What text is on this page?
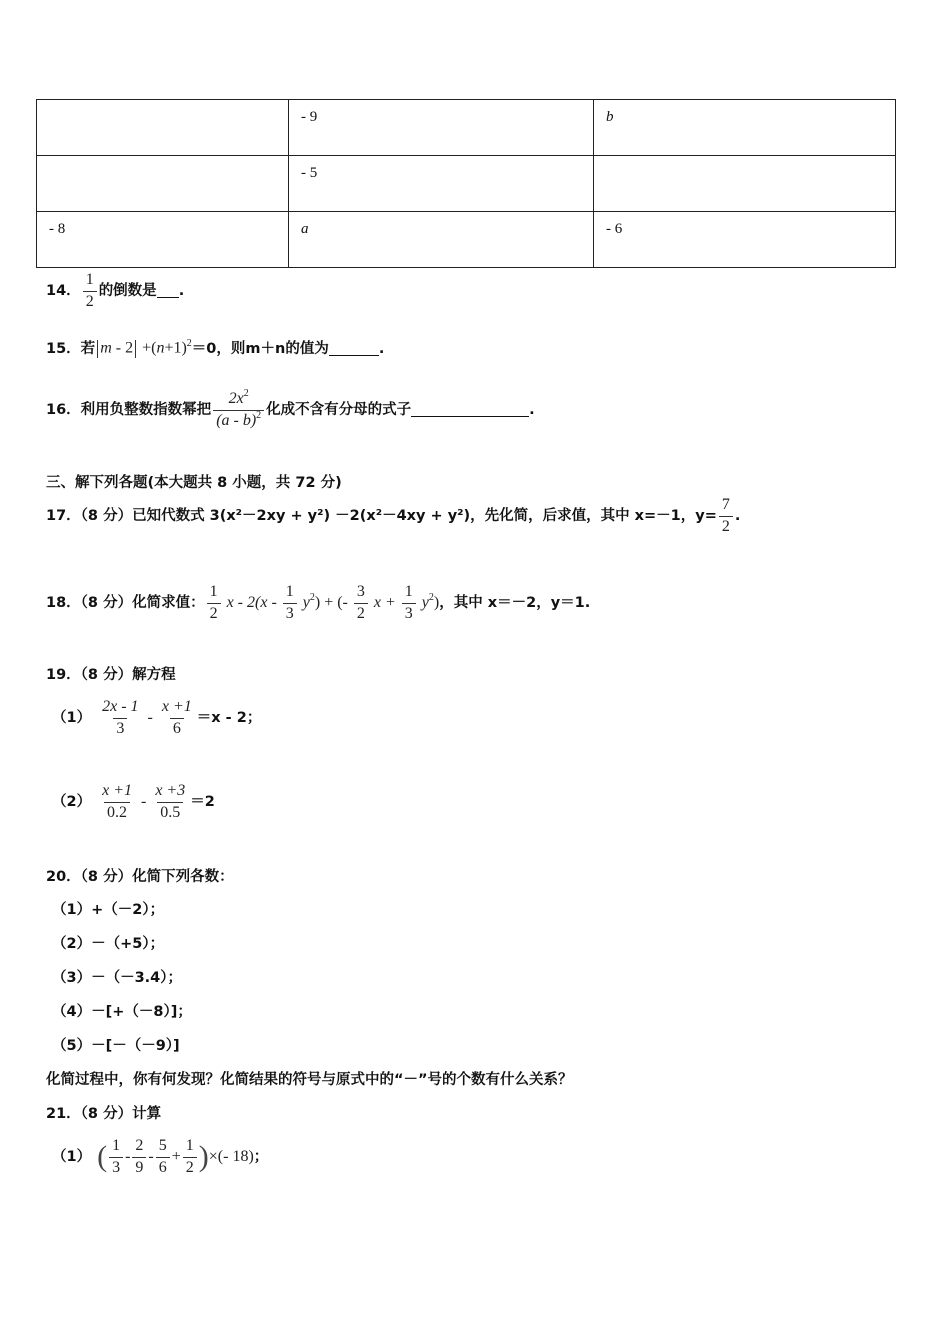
	- 9	b
	- 5	
- 8	a	- 6
14． $\frac{1}{2}$ 的倒数是 .
15．若 $m - 2 +(n+1)^2 =0$，则 m＋n 的值为	.
16．利用负整数指数幂把 $\frac{2x^2}{(a - b)^2}$ 化成不含有分母的式子	.
三、解下列各题(本大题共 8 小题，共 72 分)
17．（8 分）已知代数式 3(x²－2xy + y²) －2(x²－4xy + y²)，先化简，后求值，其中 x=－1，$y= \frac{7}{2}$ .
18．（8 分）化简求值： $\frac{1}{2}$ x - $2(x - \frac{1}{3} y^2)$ + (- $\frac{3}{2}$ $x + \frac{1}{3} y^2$) ，其中 x＝－2，y＝1.
19．（8 分）解方程
$(1) \frac{2x - 1}{3} - \frac{x +1}{6} =x - 2$；
$(2) \frac{x +1}{0.2} - \frac{x +3}{0.5} =2$
20．（8 分）化简下列各数：
（1）+（－2）；
（2）－（+5）；
（3）－（－3.4）；
（4）－[+（－8）]；
（5）－[－（－9）]
化简过程中，你有何发现？化简结果的符号与原式中的“－”号的个数有什么关系？
21．（8 分）计算
（1） ( $\frac{1}{3} - \frac{2}{9} - \frac{5}{6} + \frac{1}{2}$ ) ×(- 18) ；
